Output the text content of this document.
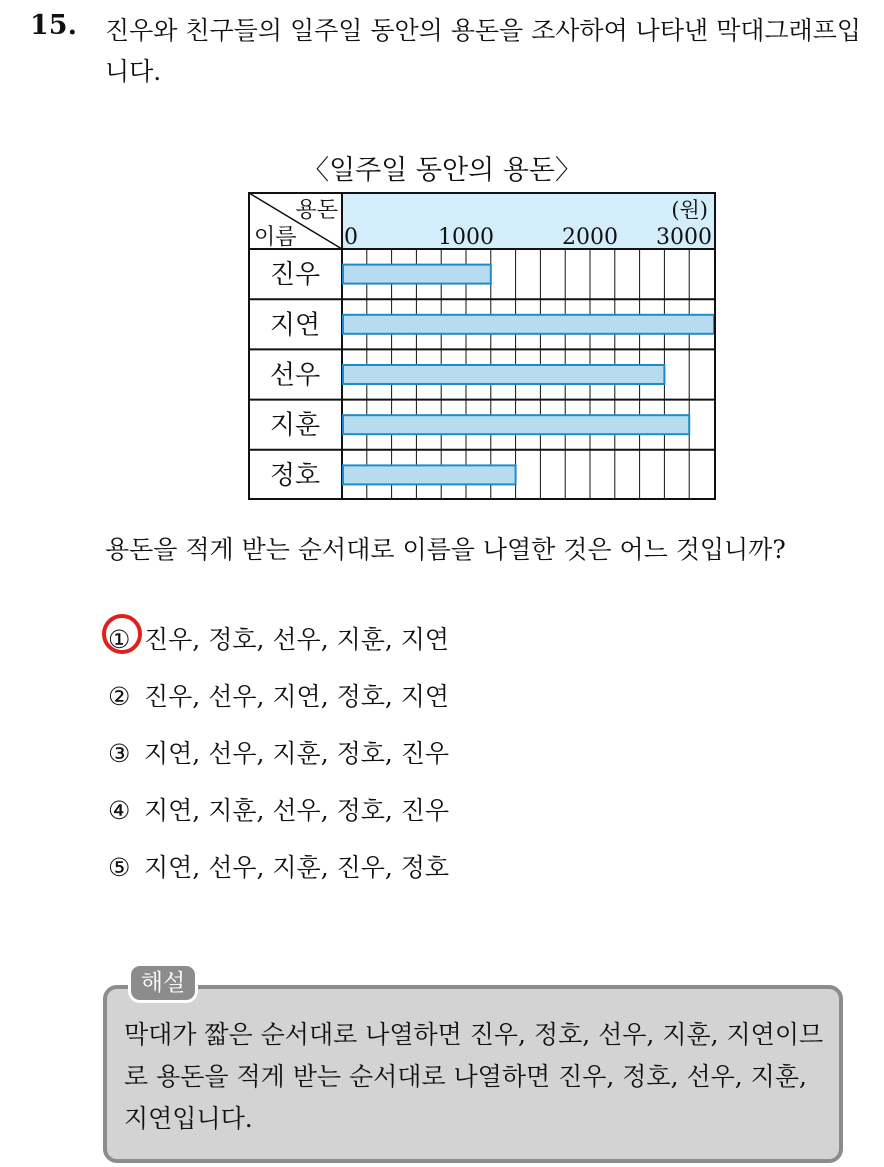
15. 진우와 친구들의 일주일 동안의 용돈을 조사하여 나타낸 막대그래프입니다.
〈일주일 동안의 용돈〉
용돈
이름
(원)
0	1000	2000 3000
진우
지연
선우
지훈
정호
용돈을 적게 받는 순서대로 이름을 나열한 것은 어느 것입니까?
① 진우, 정호, 선우, 지훈, 지연
② 진우, 선우, 지연, 정호, 지연
③ 지연, 선우, 지훈, 정호, 진우
④ 지연, 지훈, 선우, 정호, 진우
⑤ 지연, 선우, 지훈, 진우, 정호
해설
막대가 짧은 순서대로 나열하면 진우, 정호, 선우, 지훈, 지연이므로 용돈을 적게 받는 순서대로 나열하면 진우, 정호, 선우, 지훈, 지연입니다.
